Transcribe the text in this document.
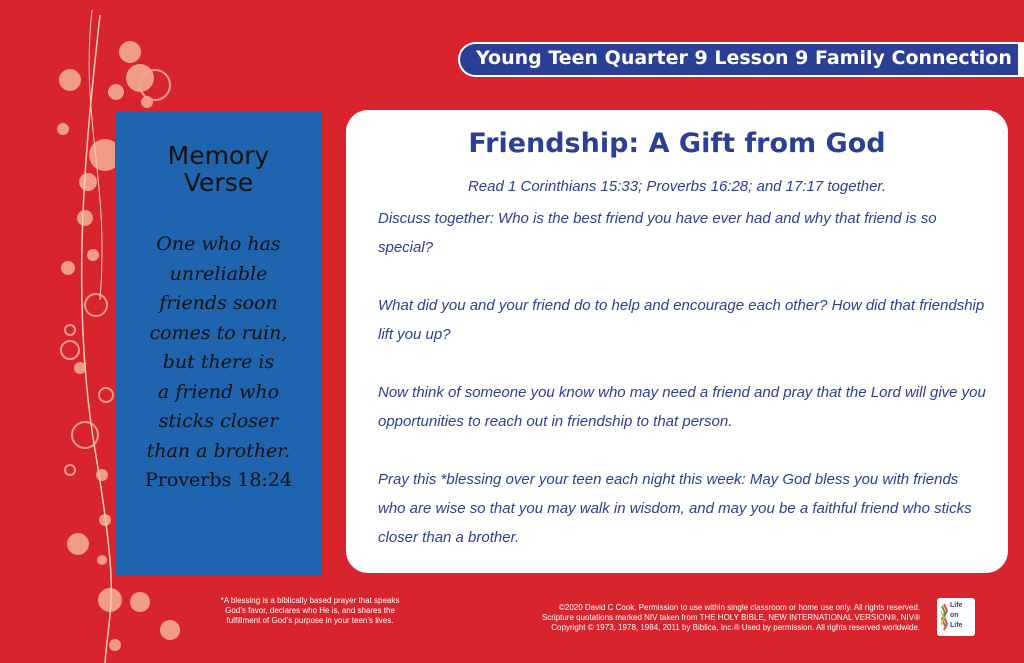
Young Teen Quarter 9 Lesson 9 Family Connection
Memory
Verse
One who has
unreliable
friends soon
comes to ruin,
but there is
a friend who
sticks closer
than a brother.
Proverbs 18:24
Friendship: A Gift from God
Read 1 Corinthians 15:33; Proverbs 16:28; and 17:17 together.

Discuss together: Who is the best friend you have ever had and why that friend is so special?

What did you and your friend do to help and encourage each other? How did that friendship lift you up?

Now think of someone you know who may need a friend and pray that the Lord will give you opportunities to reach out in friendship to that person.

Pray this *blessing over your teen each night this week: May God bless you with friends who are wise so that you may walk in wisdom, and may you be a faithful friend who sticks closer than a brother.

*A blessing is a biblically based prayer that speaks
God’s favor, declares who He is, and shares the
fulfillment of God’s purpose in your teen’s lives.
©2020 David C Cook. Permission to use within single classroom or home use only. All rights reserved.
Scripture quotations marked NIV taken from THE HOLY BIBLE, NEW INTERNATIONAL VERSION®, NIV®
Copyright © 1973, 1978, 1984, 2011 by Biblica, Inc.® Used by permission. All rights reserved worldwide.
Life
on
Life
